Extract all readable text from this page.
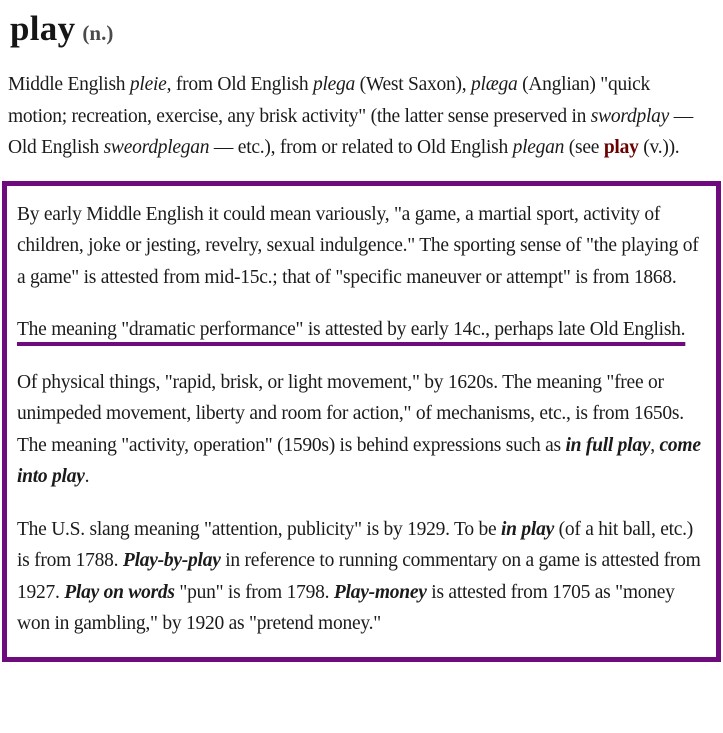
play (n.)

Middle English pleie, from Old English plega (West Saxon), plæga (Anglian) "quick motion; recreation, exercise, any brisk activity" (the latter sense preserved in swordplay — Old English sweordplegan — etc.), from or related to Old English plegan (see play (v.)).

By early Middle English it could mean variously, "a game, a martial sport, activity of children, joke or jesting, revelry, sexual indulgence." The sporting sense of "the playing of a game" is attested from mid-15c.; that of "specific maneuver or attempt" is from 1868.

The meaning "dramatic performance" is attested by early 14c., perhaps late Old English.

Of physical things, "rapid, brisk, or light movement," by 1620s. The meaning "free or unimpeded movement, liberty and room for action," of mechanisms, etc., is from 1650s. The meaning "activity, operation" (1590s) is behind expressions such as in full play, come into play.

The U.S. slang meaning "attention, publicity" is by 1929. To be in play (of a hit ball, etc.) is from 1788. Play-by-play in reference to running commentary on a game is attested from 1927. Play on words "pun" is from 1798. Play-money is attested from 1705 as "money won in gambling," by 1920 as "pretend money."
